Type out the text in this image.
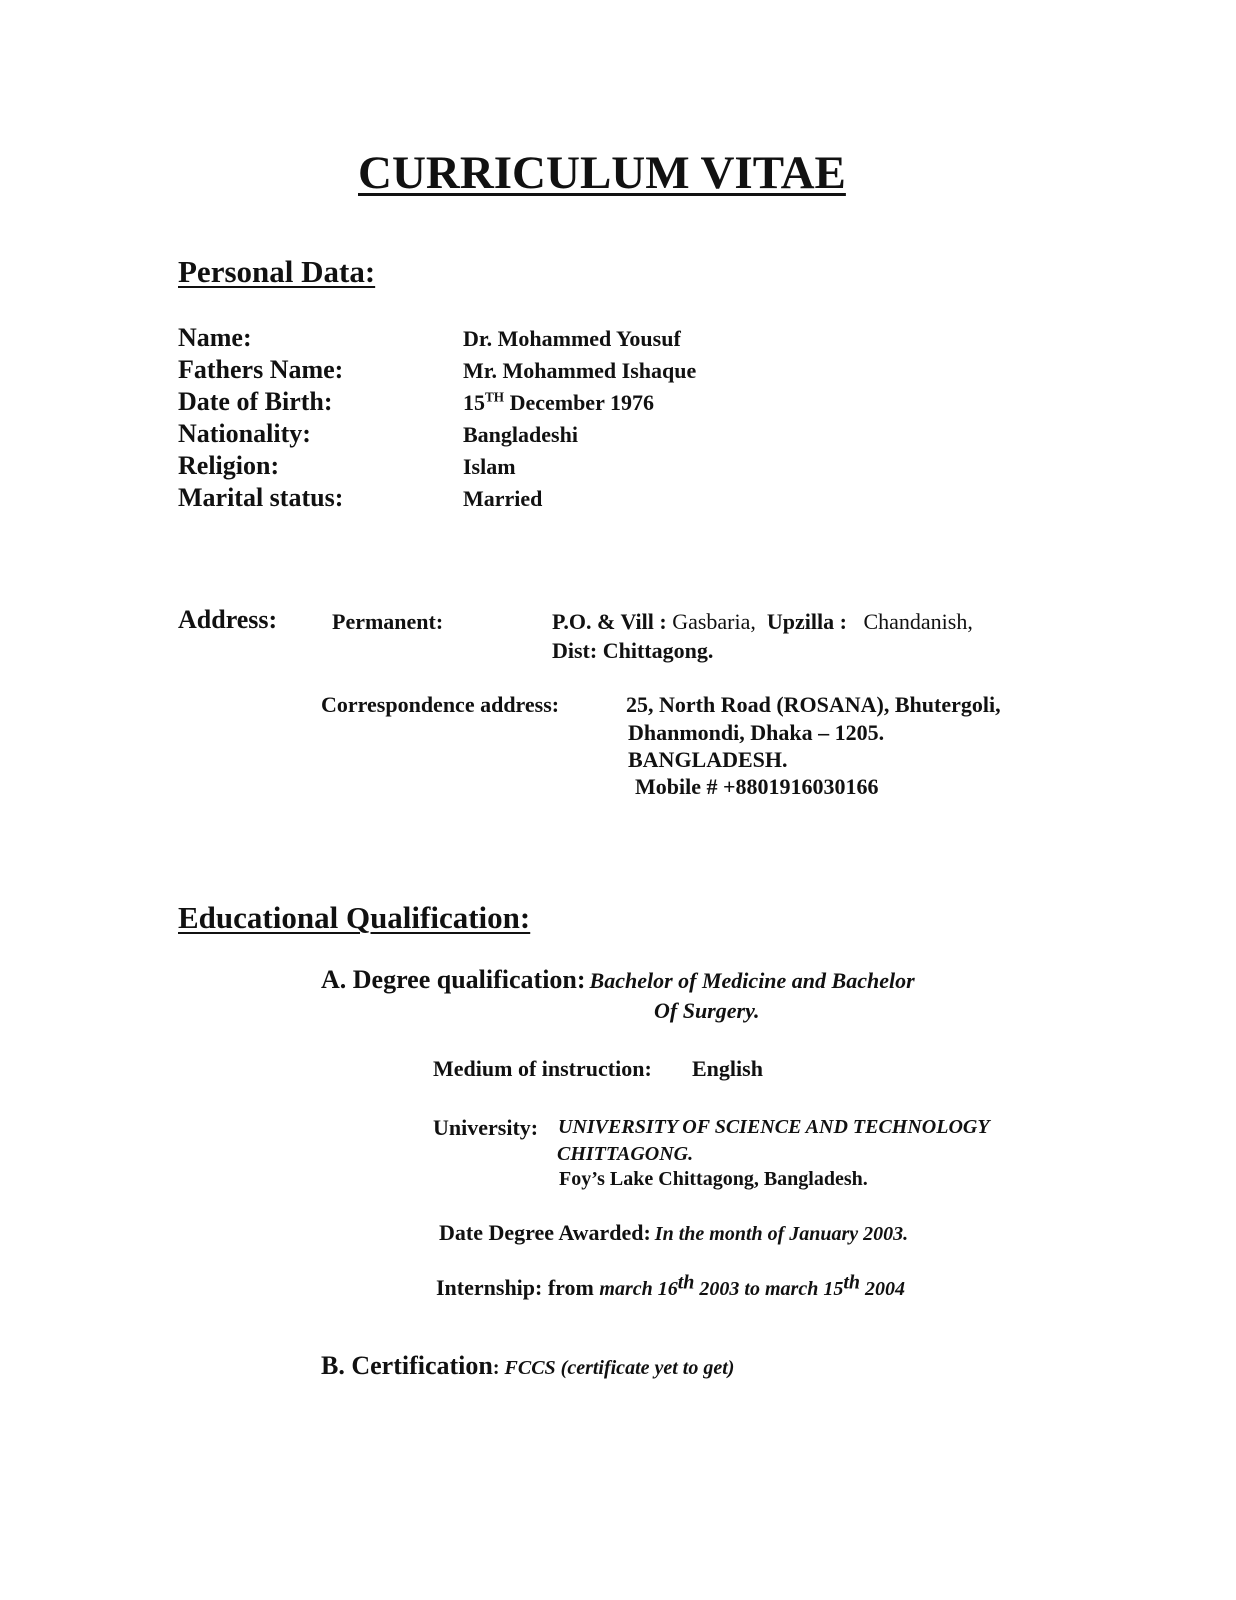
CURRICULUM VITAE
Personal Data:
Name:	Dr. Mohammed Yousuf
Fathers Name:	Mr. Mohammed Ishaque
Date of Birth:	15TH December 1976
Nationality:	Bangladeshi
Religion:	Islam
Marital status:	Married
Address: Permanent:	P.O. & Vill : Gasbaria, Upzilla : Chandanish,
Dist: Chittagong.
Correspondence address:	25, North Road (ROSANA), Bhutergoli,
Dhanmondi, Dhaka – 1205.
BANGLADESH.
Mobile # +8801916030166
Educational Qualification:
A. Degree qualification: Bachelor of Medicine and Bachelor
Of Surgery.
Medium of instruction: English
University: UNIVERSITY OF SCIENCE AND TECHNOLOGY
CHITTAGONG.
Foy’s Lake Chittagong, Bangladesh.
Date Degree Awarded: In the month of January 2003.
Internship: from march 16th 2003 to march 15th 2004
B. Certification: FCCS (certificate yet to get)
